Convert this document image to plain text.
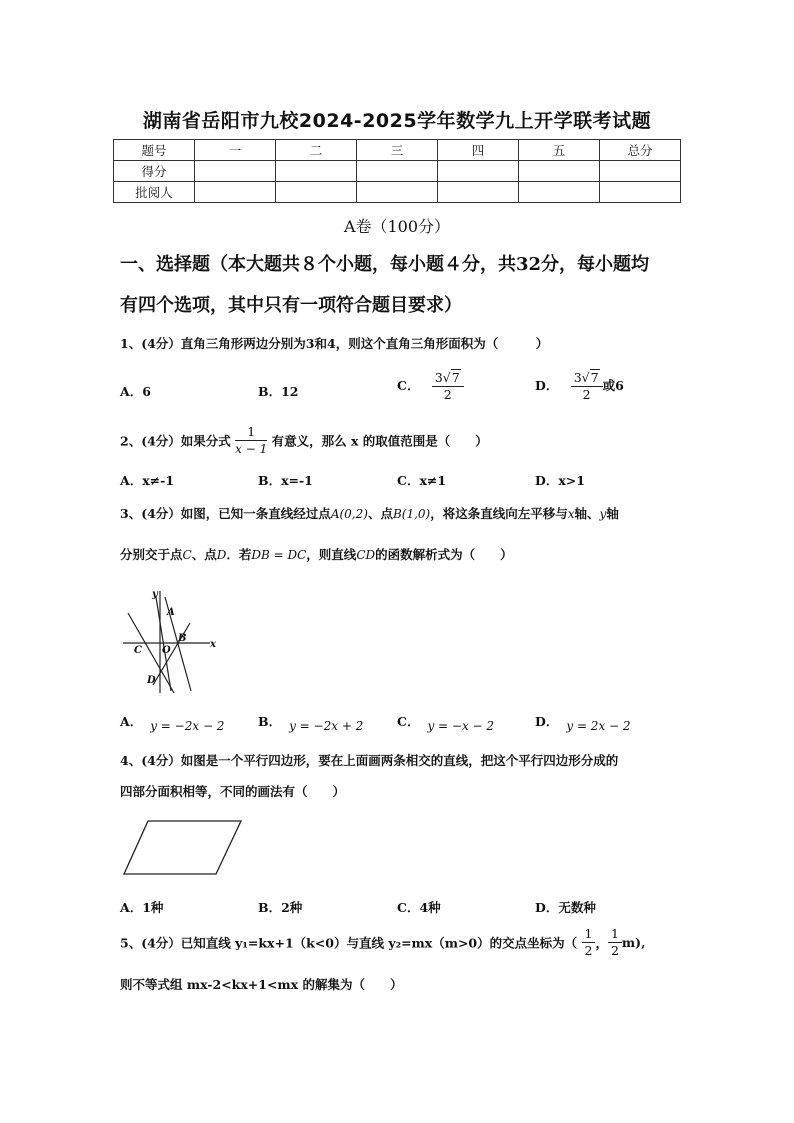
湖南省岳阳市九校2024-2025学年数学九上开学联考试题
题号	一	二	三	四	五	总分
得分						
批阅人						
A卷（100分）
一、选择题（本大题共８个小题，每小题４分，共32分，每小题均
有四个选项，其中只有一项符合题目要求）
1、(4分）直角三角形两边分别为3和4，则这个直角三角形面积为（　　　）
A．6	B．12	C． $\frac{3√7}{2}$	D． $\frac{3√7}{2}$ 或6
2、(4分）如果分式 $\frac{1}{x - 1}$ 有意义，那么 x 的取值范围是（　　）
A．x≠-1	B．x=-1	C．x≠1	D．x>1
3、(4分）如图，已知一条直线经过点A(0,2)、点B(1,0)，将这条直线向左平移与x轴、y轴
分别交于点C、点D．若DB = DC，则直线CD的函数解析式为（　　）
y
x
A
B
C O
D
A． y = −2x − 2	B． y = −2x + 2	C． y = −x − 2	D． y = 2x − 2
4、(4分）如图是一个平行四边形，要在上面画两条相交的直线，把这个平行四边形分成的
四部分面积相等，不同的画法有（　　）
A．1种	B．2种	C．4种	D．无数种
5、(4分）已知直线 y₁=kx+1（k<0）与直线 y₂=mx（m>0）的交点坐标为（ $\frac{1}{2}$ ， $\frac{1}{2} m$),
则不等式组 mx-2<kx+1<mx 的解集为（　　）
